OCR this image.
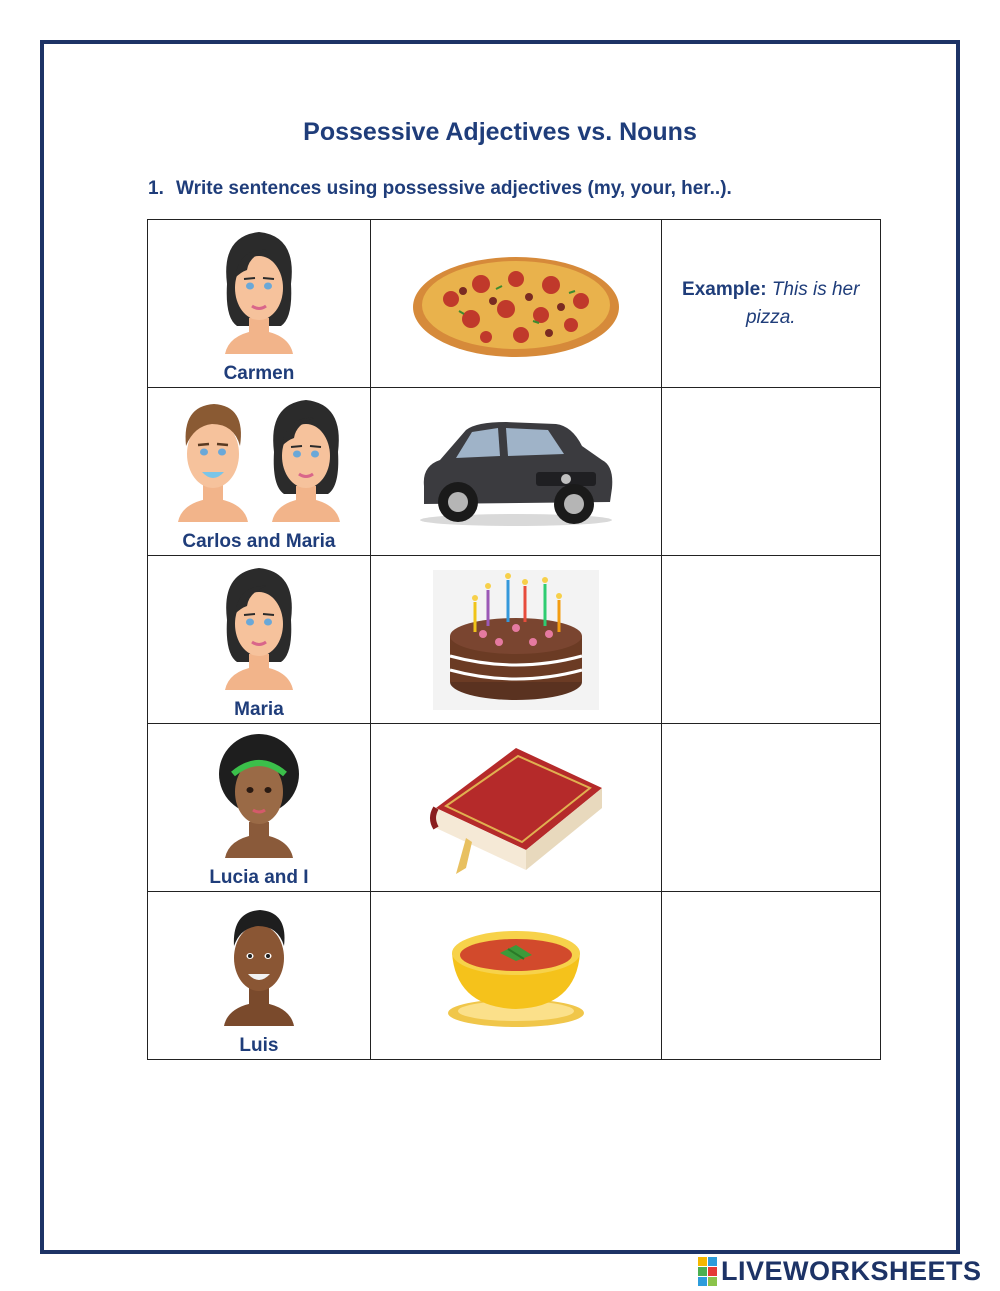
Possessive Adjectives vs. Nouns
1. Write sentences using possessive adjectives (my, your, her..).
Carmen		Example: This is her pizza.

Carlos and Maria

Maria

Lucia and I

Luis

LIVEWORKSHEETS
